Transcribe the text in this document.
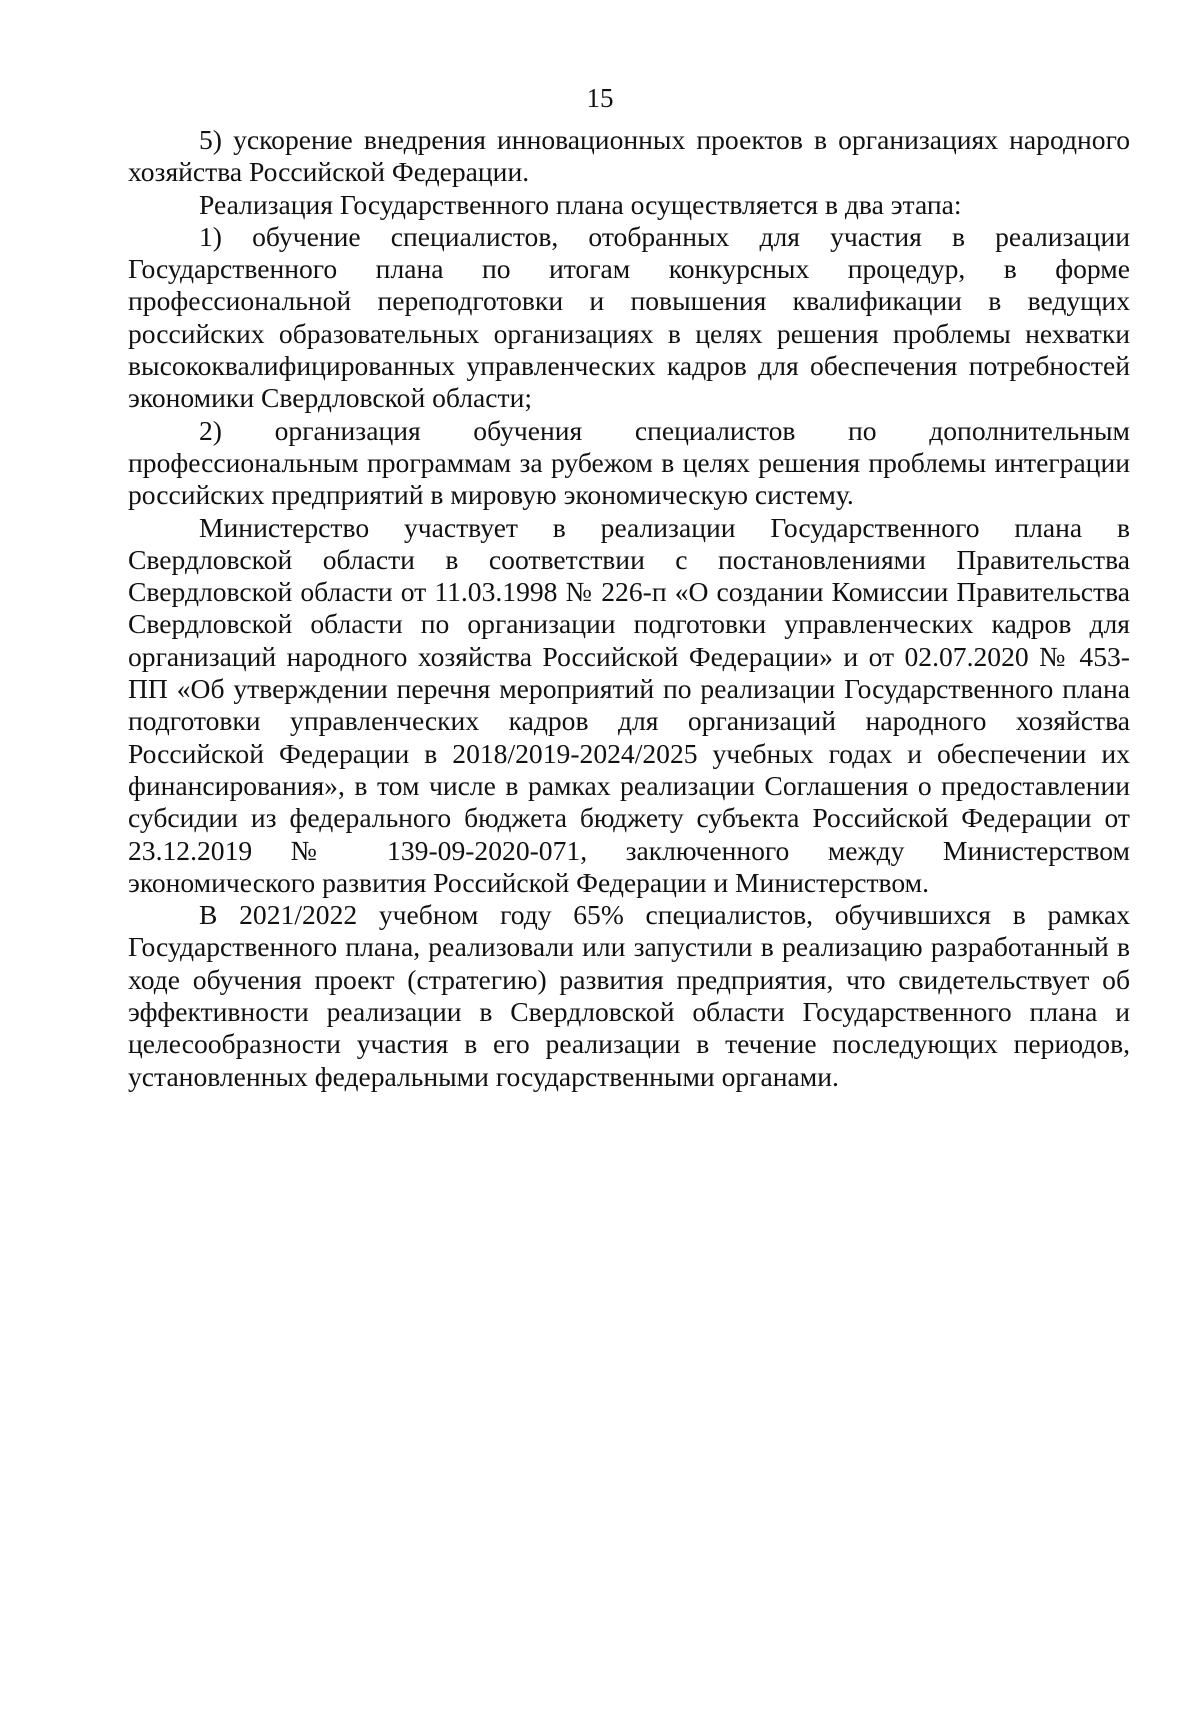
15

5) ускорение внедрения инновационных проектов в организациях народного хозяйства Российской Федерации.

Реализация Государственного плана осуществляется в два этапа:

1) обучение специалистов, отобранных для участия в реализации Государственного плана по итогам конкурсных процедур, в форме профессиональной переподготовки и повышения квалификации в ведущих российских образовательных организациях в целях решения проблемы нехватки высококвалифицированных управленческих кадров для обеспечения потребностей экономики Свердловской области;

2) организация обучения специалистов по дополнительным профессиональным программам за рубежом в целях решения проблемы интеграции российских предприятий в мировую экономическую систему.

Министерство участвует в реализации Государственного плана в Свердловской области в соответствии с постановлениями Правительства Свердловской области от 11.03.1998 № 226-п «О создании Комиссии Правительства Свердловской области по организации подготовки управленческих кадров для организаций народного хозяйства Российской Федерации» и от 02.07.2020 № 453-ПП «Об утверждении перечня мероприятий по реализации Государственного плана подготовки управленческих кадров для организаций народного хозяйства Российской Федерации в 2018/2019-2024/2025 учебных годах и обеспечении их финансирования», в том числе в рамках реализации Соглашения о предоставлении субсидии из федерального бюджета бюджету субъекта Российской Федерации от 23.12.2019 № 139-09-2020-071, заключенного между Министерством экономического развития Российской Федерации и Министерством.

В 2021/2022 учебном году 65% специалистов, обучившихся в рамках Государственного плана, реализовали или запустили в реализацию разработанный в ходе обучения проект (стратегию) развития предприятия, что свидетельствует об эффективности реализации в Свердловской области Государственного плана и целесообразности участия в его реализации в течение последующих периодов, установленных федеральными государственными органами.
